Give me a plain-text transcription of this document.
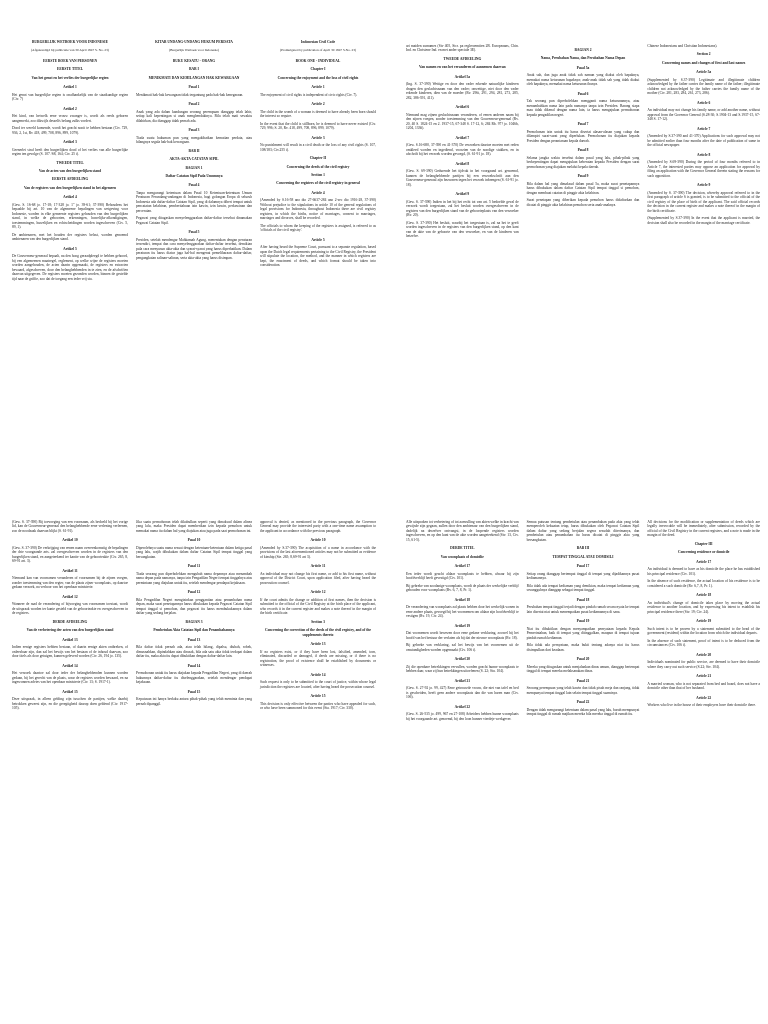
BURGERLIJK WETBOEK VOOR INDONESIE
(Afgekondigd bij publicatie van 30 April 1847 S. No. 23)
EERSTE BOEK VAN PERSONEN
EERSTE TITEL
Van het genot en het verlies der burgerlijke regten
Artikel 1

Het genot van burgerlijke regten is onafhankelijk van de staatkundige regten (Civ. 7)

Artikel 2

Het kind, van hetwelk eene vrouw zwanger is, wordt als reeds geboren aangemerkt, zoo dikwijls deszelfs belang zulks vordert.

Dood ter wereld komende, wordt het geacht nooit te hebben bestaan (Civ. 729, 936, 2, 1st, Rv 418, 499, 708, 896, 899, 1079).

Artikel 3

Geenerlei straf heeft den burgerlijken dood of het verlies van alle burgerlijke regten ten gevolge (S. 107 /S8, 164; Civ. 25 i).

TWEEDE TITEL
Van de acten van den burgerlijken stand
EERSTE AFDEELING
Van de registers van den burgerlijken stand in het algemeen
Artikel 4

(Gew. S. 16-68 jo. 17-18; 17-328 jo. 1" jo. 39-61; 37-390) Behoudens het bepaalde bij art. 10 van de algemeene bepalingen van wetgeving voor Indonesie, worden in elke gemeente registers gehouden van den burgerlijken stand, in welke de geboorten, erkenningen, huwelijks-afkondigingen, toestemmingen, huwelijken en echtscheidingen worden ingeschreven (Civ. 5, 89, 1).

De ambtenaren, met het houden der registers belast, worden genoemd ambtenaren van den burgerlijken stand.

Artikel 5

De Gouverneur-generaal bepaalt, na den hoog geraadpleegd te hebben gehoord, bij een algemeenen maatregel, reglement, op welke wijze de registers moeten worden aangehouden, de acten daarin opgemaakt, de registers en extracten bewaard, afgeschreven, door den belanghebbenden in te zien, en de afschriften daarvan uitgegeven. De registers moeten gezonden worden, binnen de gestelde tijd naar de griffie, zoo dat de toegang een ieder vrij sta.

KITAB UNDANG-UNDANG HUKUM PERDATA
(Burgerlijk Wetboek voor Indonesie)
BUKU KESATU - ORANG
BAB I
MENIKMATI DAN KEHILANGAN HAK KEWARGAAN
Pasal 1

Menikmati hak-hak kewargaan tidak tergantung pada hak-hak kenegaraan.

Pasal 2

Anak yang ada dalam kandungan seorang perempuan dianggap telah lahir, setiap kali kepentingan si anak menghendakinya. Bila telah mati sewaktu dilahirkan, dia dianggap tidak pernah ada.

Pasal 3

Tiada suatu hukuman pun yang mengakibatkan kematian perdata, atau hilangnya segala hak-hak kewargaan.

BAB II
AKTA-AKTA CATATAN SIPIL
BAGIAN 1
Daftar Catatan Sipil Pada Umumnya
Pasal 4

Tanpa mengurangi ketentuan dalam Pasal 10 Ketentuan-ketentuan Umum Peraturan Perundang-undangan di Indonesia, bagi golongan Eropa di seluruh Indonesia ada daftar-daftar Catatan Sipil, yang di dalamnya diberi tempat untuk pencatatan kelahiran, pemberitahuan izin kawin, izin kawin, perkawinan dan perceraian.

Pegawai yang ditugaskan menyelenggarakan daftar-daftar tersebut dinamakan Pegawai Catatan Sipil.

Pasal 5

Presiden, setelah mendengar Mahkamah Agung, menentukan dengan peraturan tersendiri, tempat dan cara menyelenggarakan daftar-daftar tersebut, demikian pula cara menyusun akta-akta dan syarat-syarat yang harus diperhatikan. Dalam peraturan itu harus diatur juga hal-hal mengenai pemeliharaan daftar-daftar, pengangkatan salinan-salinan, serta akta-akta yang harus disimpan.

Indonesian Civil Code
(Promulgated by publication of April 30 1847 S.No. 23)
BOOK ONE - INDIVIDUAL
Chapter I
Concerning the enjoyment and the loss of civil rights
Article 1

The enjoyment of civil rights is independent of civic rights (Civ. 7).

Article 2

The child in the womb of a woman is deemed to have already been born should the interest so require.

In the event that the child is stillborn, he is deemed to have never existed (Civ. 729, 996; S. 20, Rv. 418, 499, 708, 896, 899, 1079).

Article 3

No punishment will result in a civil death or the loss of any civil rights (S. 107, 108/183; Civ.255 i).

Chapter II
Concerning the deeds of the civil registry
Section 1
Concerning the registers of the civil registry in general
Article 4

(Amended by S.16-58 ano dto 27-6637-284 ano 2-sec dto 1916-28, 37-390) Without prejudice to the stipulations in article 10 of the general regulations of legal provisions for Indonesia, throughout Indonesia there are civil registry registers, in which the births, notice of marriages, consent to marriages, marriages and divorces, shall be recorded.

The officials to whom the keeping of the registers is assigned, is referred to as 'officials of the civil registry'.

Article 5

After having heard the Supreme Court, pursuant to a separate regulation, based upon the Dutch legal requirements pertaining to the Civil Registry, the President will stipulate the location, the method, and the manner in which registers are kept, the enactment of deeds, and which format should be taken into consideration.

ari maiden surnames (Stv 405, Stcr. pa regleroemtien 2B. Europeaans, Chin. Ind. en Christene Ind. en met ander speciale 3E).

TWEEDE AFDEELING
Van namen en van het veranderen of aannemen daarvan
Artikel 5a

(Ing. S. 37-390) Wettige en door den vader erkende natuurlijke kinderen dragen den geslachtsnaam van den vader; onwettige, niet door den vader erkende kinderen, dien van de moeder (Rv. 296i, 291, 294, 281, 273, 285, 282, 386-391, 411).

Artikel 6

Niemand mag zijnen geslachtsnaam veranderen, of eenen anderen naam bij den zijnen voegen, zonder toestemming van den Gouverneur-generaal (Rv. 20, 40 S. 1824-15 en 2. 1937-15, 67-348 S. 17-12, 6; 284 Rb. 97? jo. 1046b, 1204, 1336).

Artikel 7

(Gew. S.16-680, 37-390 en 41-370) De verzoeken daartoe moeten met reden omkleed worden en ingediend, voorzien van de noodige stukken, en in afschrift bij het verzoek worden gevoegd, (S. 61-91 jo. 18).

Artikel 8

(Gew. S. 69-390) Gedurende het tijdvak in het voorgaand art. genoemd, kunnen de belanghebbende partijen bij een verzoekschrift aan den Gouverneur-generaal zijn bezwaren tegen het verzoek inbrengen (S. 61-91 jo. 18).

Artikel 9

(Gew. S. 37-390) Indien in het bij het recht tot van art. 5 bedoelde geval de verzoek wordt toegestaan, zal het besluit worden overgeschreven in de registers van den burgerlijken stand van de geboorteplaats van den verzoeker (Rv. 20).

(Gew. S. 37-390) Het besluit, waarbij het toegestaan is, zal na het te geeft worden ingeschreven in de registers van den burgerlijken stand, op den kant van de akte van de geboorte van den verzoeker, en van de kinderen van hetzelve.

BAGIAN 2
Nama, Perubahan Nama, dan Perubahan Nama Depan
Pasal 5a

Anak sah, dan juga anak tidak sah namun yang diakui oleh bapaknya, memakai nama keturunan bapaknya; anak-anak tidak sah yang tidak diakui oleh bapaknya, memakai nama keturunan ibunya.

Pasal 6

Tak seorang pun diperbolehkan mengganti nama keturunannya, atau menambahkan nama lain pada namanya tanpa izin Presiden. Barang siapa mau tidak dikenal dengan nama lain, ia harus mengajukan permohonan kepada pengadilan negeri.

Pasal 7

Permohonan izin untuk itu harus disertai alasan-alasan yang cukup dan dilampiri surat-surat yang diperlukan. Permohonan itu diajukan kepada Presiden dengan perantaraan kepala daerah.

Pasal 8

Selama jangka waktu tersebut dalam pasal yang lalu, pihak-pihak yang berkepentingan dapat mengajukan keberatan kepada Presiden dengan surat permohonan yang diajukan melalui kepala daerah.

Pasal 9

Bila dalam hal yang dimaksud dalam pasal 5a, maka surat penetapannya harus dibukukan dalam daftar Catatan Sipil tempat tinggal si pemohon, dengan membuat catatan di pinggir akta kelahiran.

Surat penetapan yang diberikan kepada pemohon harus didaftarkan dan dicatat di pinggir akta kelahiran pemohon serta anak-anaknya.

Chinese Indonesians and Christian Indonesians).

Section 2
Concerning names and changes of first and last names
Article 5a

(Supplemented by S.37-390) Legitimate and illegitimate children acknowledged by the father carries the family name of the father; illegitimate children not acknowledged by the father carries the family name of the mother (Civ. 281, 283, 284, 261, 273, 286).

Article 6

An individual may not change his family name, or add another name, without approval from the Governor General (S.28-30; S.1904-13 and S.1937-15, 67-348 S. 17-12).

Article 7

(Amended by S.37-390 and 41-370) Applications for such approval may not be admitted earlier than four months after the date of publication of same in the official newspaper.

Article 8

(Amended by S.69-390) During the period of four months referred to in Article 7, the interested parties may oppose an application for approval by filing an application with the Governor General therein stating the reasons for such opposition.

Article 9

(Amended by S. 37-390) The decision, whereby approval referred to in the first paragraph of article 6 is granted, is to be submitted to the official of the civil registry of the place of birth of the applicant. The said official records the decision in the current register and makes a note thereof in the margin of the birth certificate.

(Supplemented by S.37-390) In the event that the applicant is married, the decision shall also be recorded in the margin of the marriage certificate.

(Gew. S. 37-390) Bij toevoeging van een voornaam, als bedoeld bij het vorige lid, kan de Gouverneur-generaal den belanghebbende eene verlening verleenen, zoo de noodzaak daarvan blijkt (S. 61-91).

Artikel 10

(Gew. S. 37-390) De verkrijging van eenen naam overeenkomstig de bepalingen der drie voorgaande arts. zal overgeschreven worden in de registers van den burgerlijken stand, en aangeteekend ter kantte van de geboorteakte (Civ. 265, 8, 69-91 art. 3).

Artikel 11

Niemand kan van voornamen veranderen of voornamen bij de zijnen voegen, zonder toestemming van den regter, van de plaats zijner woonplaats, op daartoe gedaan verzoek, na verhoor van het openbaar ministerie.

Artikel 12

Wanneer de raad de verandering of bijvoeging van voornamen toestaat, wordt de uitspraak worden ter kante gesteld van de geboorteakte en overgeschreven in de registers.

DERDE AFDEELING
Van de verbetering der acten van den burgerlijken stand
Artikel 13

Indien eenige registers hebben bestaan, of daarin eenige akten ontbreken, of onleesbaar zijn, dan zal het bewijs van het bestaan of de inhoud daarvan, zoo door titels als door getuigen, kunnen geleverd worden (Civ. 26, 194 jo. 135).

Artikel 14

Het verzoek daartoe zal door ieder der belanghebbenden kunnen worden gedaan, bij het gerecht van de plaats, waar de registers worden bewaard, en na ingewonnen advies van het openbaar ministerie (Civ. 13; S. 1917-1).

Artikel 15

Deze uitspraak, in alleen gelding zijn tusschen de partijen, welke daarbij betrokken geweest zijn, en die geregtigheid daarop doen geldend (Civ. 1917-105).

Jika suatu permohonan telah dikabulkan seperti yang dimaksud dalam alinea yang lalu, maka Presiden dapat memberikan izin kepada pemohon untuk memakai nama itu dalam hal yang diajukan atau juga pada saat permohonan ini.

Pasal 10

Diperolehnya suatu nama sesuai dengan ketentuan-ketentuan dalam ketiga pasal yang lalu, wajib dibukukan dalam daftar Catatan Sipil tempat tinggal yang bersangkutan.

Pasal 11

Tiada seorang pun diperbolehkan mengubah nama depannya atau menambah nama depan pada namanya, tanpa izin Pengadilan Negeri tempat tinggalnya atas permintaan yang diajukan untuk itu, setelah mendengar pendapat kejaksaan.

Pasal 12

Bila Pengadilan Negeri mengizinkan penggantian atau penambahan nama depan, maka surat penetapannya harus dibukukan kepada Pegawai Catatan Sipil tempat tinggal si pemohon, dan pegawai itu harus membukukannya dalam daftar yang sedang berjalan.

BAGIAN 3
Pembetulan Akta Catatan Sipil dan Penambahannya
Pasal 13

Bila daftar tidak pernah ada, atau telah hilang, dipalsu, diubah, robek, dimusnahkan, dipindahkan atau dirusak, bila ada satu akta tidak terdapat dalam daftar itu, maka akta itu dapat dibuktikan dengan daftar-daftar lain.

Pasal 14

Permohonan untuk itu harus diajukan kepada Pengadilan Negeri, yang di daerah hukumnya daftar-daftar itu diselenggarakan, setelah mendengar pendapat kejaksaan.

Pasal 15

Keputusan ini hanya berlaku antara pihak-pihak yang telah meminta dan yang pernah dipanggil.

approval is denied, as mentioned in the previous paragraph, the Governor General may provide the interested party with a one-time name assumption to the applicant in accordance with the previous paragraph.

Article 10

(Amended by S.37-390) The acquisition of a name in accordance with the provisions of the last aforementioned articles may not be submitted as evidence of kinship (Ste. 265; 8,69-91 art 3).

Article 11

An individual may not change his first name, or add to his first name, without approval of the District Court, upon application filed, after having heard the prosecution counsel.

Article 12

If the court admits the change or addition of first names, then the decision is submitted to the official of the Civil Registry at the birth place of the applicant, who records it in the current register and makes a note thereof in the margin of the birth certificate.

Section 3
Concerning the correction of the deeds of the civil registry, and of the supplements thereto
Article 13

If no registers exist, or if they have been lost, falsified, amended, torn, eliminated, discarded or damaged, if deeds are missing, or if there is no registration, the proof of existence shall be established by documents or witnesses.

Article 14

Such request is only to be submitted to the court of justice, within whose legal jurisdiction the registers are located, after having heard the prosecution counsel.

Article 15

This decision is only effective between the parties who have appealed for such, or who have been summoned for this event (Sta. 1917; Civ. 330).

Alle uitspraken tot verbetering of tot aanvulling van akten welke in kracht van gewijsde zijn gegaan, zullen door den ambtenaar van den burgerlijken stand, dadelijk na derzelver ontvangst, in de loopende registers worden ingeschreven, en op den kant van de akte worden aangeteekend (Stv. 13, Civ. 15, 61-5).

DERDE TITEL
Van woonplaats of domicilie
Artikel 17

Een ieder wordt geacht aldaar woonplaats te hebben, alwaar hij zijn hoofdverblijf heeft gevestigd (Civ. 101).

Bij gebreke van zoodanige woonplaats, wordt de plaats der werkelijke verblijf gehouden voor woonplaats (Rv. 6, 7, 8, Pr. 1).

Artikel 18

De verandering van woonplaats zal plaats hebben door het werkelijk wonen in eene andere plaats, gevoegd bij het voornemen om aldaar zijn hoofdverblijf te vestigen (Rv. 19, Civ. 24).

Artikel 19

Dat voornemen wordt bewezen door eene gedane verklaring, zoowel bij het hoofd van het bestuur der verlaten als bij dat der nieuwe woonplaats (Rv. 18).

Bij gebreke van verklaring, zal het bewijs van het voornemen uit de omstandigheden worden opgemaakt (Civ. 106 i).

Artikel 20

Zij die openbare betrekkingen vervullen, worden geacht hunne woonplaats te hebben daar, waar zij hun betrekkingen uitoefenen (S. 22; Stu. 104).

Artikel 21

(Gew. S. 27-92 jo. 99, 427) Eene getrouwde vrouw, die niet van tafel en bed is gescheiden, heeft geen andere woonplaats dan die van haren man (Civ. 106).

Artikel 22

(Gew. S. 26-535 jo. 499, 967 en 27-108) Arbeiders hebben hunne woonplaats bij het voorgaande art. genoemd, bij den loon hunner vierdeje werkgever.

Semua putusan tentang pembetulan atau penambahan pada akta yang telah memperoleh kekuatan tetap, harus dibukukan oleh Pegawai Catatan Sipil dalam daftar yang sedang berjalan segera sesudah diterimanya, dan pembetulan atau penambahan itu harus dicatat di pinggir akta yang bersangkutan.

BAB III
TEMPAT TINGGAL ATAU DOMISILI
Pasal 17

Setiap orang dianggap bertempat tinggal di tempat yang dijadikannya pusat kediamannya.

Bila tidak ada tempat kediaman yang demikian, maka tempat kediaman yang sesungguhnya dianggap sebagai tempat tinggal.

Pasal 18

Perubahan tempat tinggal terjadi dengan pindah rumah secara nyata ke tempat lain disertai niat untuk menempatkan pusat kediamannya di sana.

Pasal 19

Niat itu dibuktikan dengan menyampaikan pernyataan kepada Kepala Pemerintahan, baik di tempat yang ditinggalkan, maupun di tempat tujuan pindah rumah kediaman.

Bila tidak ada pernyataan, maka bukti tentang adanya niat itu harus disimpulkan dari keadaan.

Pasal 20

Mereka yang ditugaskan untuk menjalankan dinas umum, dianggap bertempat tinggal di tempat mereka melaksanakan dinas.

Pasal 21

Seorang perempuan yang telah kawin dan tidak pisah meja dan ranjang, tidak mempunyai tempat tinggal lain selain tempat tinggal suaminya.

Pasal 22

Dengan tidak mengurangi ketentuan dalam pasal yang lalu, buruh mempunyai tempat tinggal di rumah majikan mereka bila mereka tinggal di rumah itu.

All decisions for the modification or supplementation of deeds which are legally irrevocable will be immediately, after submission, recorded by the official of the Civil Registry in the current registers, and a note is made in the margin of the deed.

Chapter III
Concerning residence or domicile
Article 17

An individual is deemed to have as his domicile the place he has established his principal residence (Civ. 101).

In the absence of such residence, the actual location of his residence is to be considered a such domicile (Rv. 6,7, 8, Pr. 1).

Article 18

An individual's change of domicile takes place by moving the actual residence to another location, and by expressing his intent to establish his principal residence there (Stv. 19; Civ. 24).

Article 19

Such intent is to be proven by a statement submitted to the head of the government (resident) within the location from which the individual departs.

In the absence of such statement, proof of intent is to be deduced from the circumstances (Civ. 106 i).

Article 20

Individuals nominated for public service, are deemed to have their domicile where they carry out such service (S.22; Stv. 104).

Article 21

A married woman, who is not separated from bed and board, does not have a domicile other than that of her husband.

Article 22

Workers who live in the house of their employers have their domicile there.
